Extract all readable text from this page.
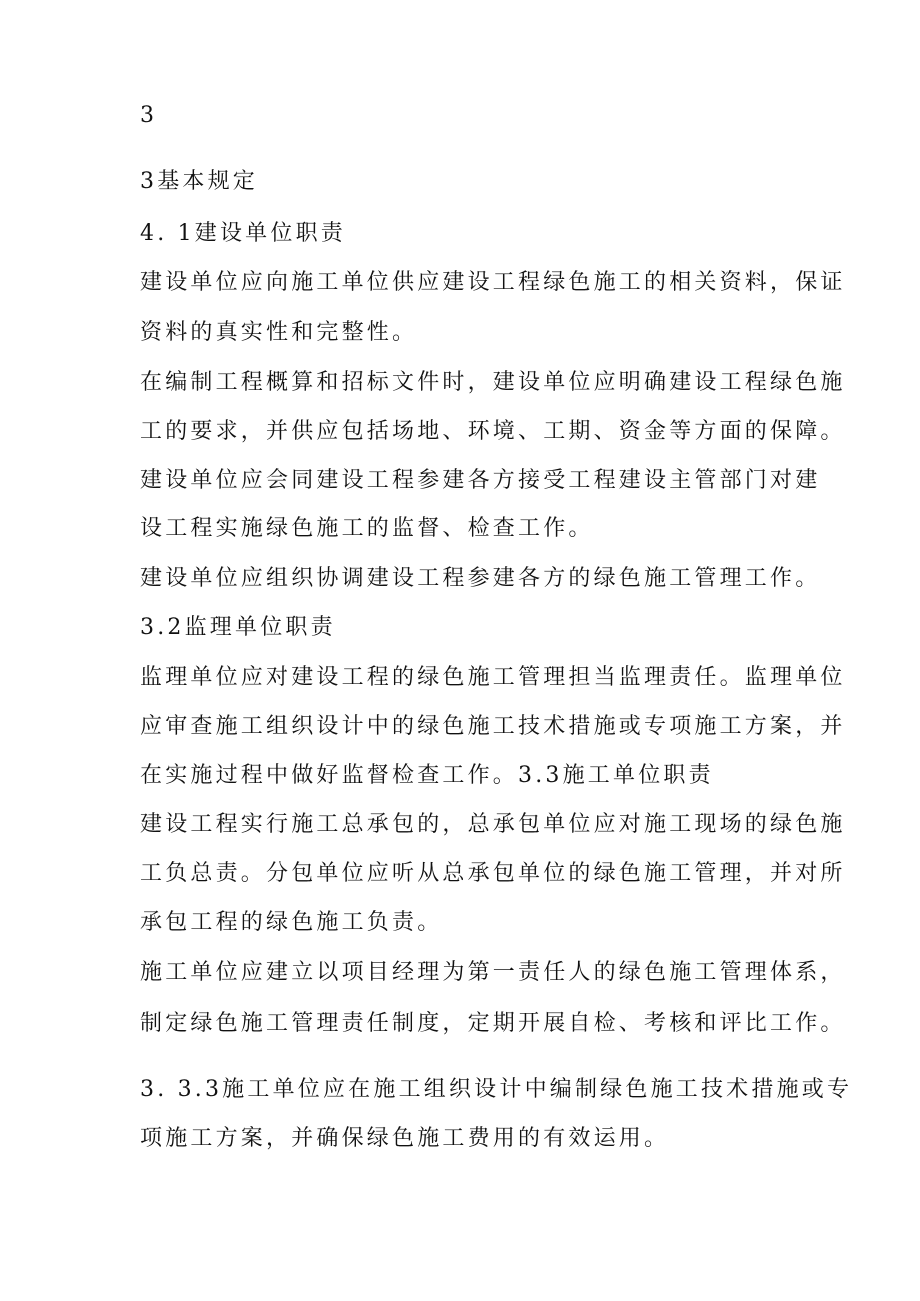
3
3基本规定
4. 1建设单位职责
建设单位应向施工单位供应建设工程绿色施工的相关资料，保证
资料的真实性和完整性。
在编制工程概算和招标文件时，建设单位应明确建设工程绿色施
工的要求，并供应包括场地、环境、工期、资金等方面的保障。
建设单位应会同建设工程参建各方接受工程建设主管部门对建
设工程实施绿色施工的监督、检查工作。
建设单位应组织协调建设工程参建各方的绿色施工管理工作。
3.2监理单位职责
监理单位应对建设工程的绿色施工管理担当监理责任。监理单位
应审查施工组织设计中的绿色施工技术措施或专项施工方案，并
在实施过程中做好监督检查工作。3.3施工单位职责
建设工程实行施工总承包的，总承包单位应对施工现场的绿色施
工负总责。分包单位应听从总承包单位的绿色施工管理，并对所
承包工程的绿色施工负责。
施工单位应建立以项目经理为第一责任人的绿色施工管理体系，
制定绿色施工管理责任制度，定期开展自检、考核和评比工作。
3. 3.3施工单位应在施工组织设计中编制绿色施工技术措施或专
项施工方案，并确保绿色施工费用的有效运用。
